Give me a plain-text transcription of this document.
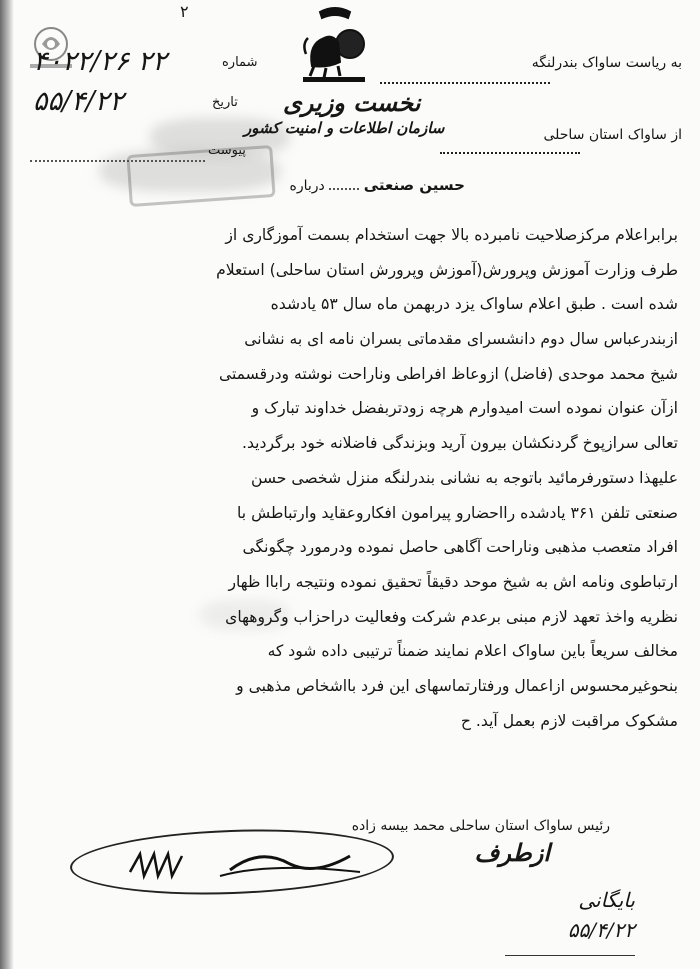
۲
نخست وزیری
سازمان اطلاعات و امنیت کشور
به ریاست ساواک بندرلنگه
از ساواک استان ساحلی
حسین صنعتی  درباره
شماره
۴۰۲۲/۲۶ ۲۲
تاریخ
۵۵/۴/۲۲
پیوست
برابراعلام مرکزصلاحیت نامبرده بالا جهت استخدام بسمت آموزگاری از
طرف وزارت آموزش وپرورش(آموزش وپرورش استان ساحلی) استعلام
شده است . طبق اعلام ساواک یزد دربهمن ماه سال ۵۳ یادشده
ازبندرعباس سال دوم دانشسرای مقدماتی بسران نامه ای به نشانی
شیخ محمد موحدی (فاضل) ازوعاظ افراطی وناراحت نوشته ودرقسمتی
ازآن عنوان نموده است امیدوارم هرچه زودتربفضل خداوند تبارک و
تعالی سرازپوخ گردنکشان بیرون آرید وبزندگی فاضلانه خود برگردید.
علیهذا دستورفرمائید باتوجه به نشانی بندرلنگه منزل شخصی حسن
صنعتی تلفن ۳۶۱ یادشده رااحضارو پیرامون افکاروعقاید وارتباطش با
افراد متعصب مذهبی وناراحت آگاهی حاصل نموده ودرمورد چگونگی
ارتباطوی ونامه اش به شیخ موحد دقیقاً تحقیق نموده ونتیجه راباا ظهار
نظریه واخذ تعهد لازم مبنی برعدم شرکت وفعالیت دراحزاب وگروههای
مخالف سریعاً باین ساواک اعلام نمایند ضمناً ترتیبی داده شود که
بنحوغیرمحسوس ازاعمال ورفتارتماسهای این فرد بااشخاص مذهبی و
مشکوک مراقبت لازم بعمل آید. ح
رئیس ساواک استان ساحلی محمد بیسه زاده
ازطرف
بایگانی ۵۵/۴/۲۲
